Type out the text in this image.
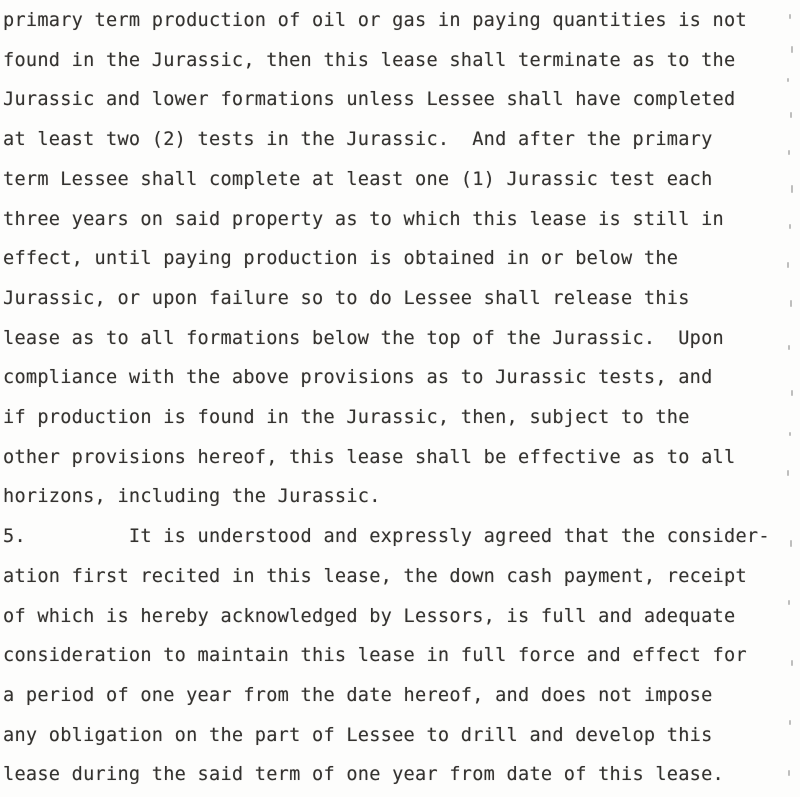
primary term production of oil or gas in paying quantities is not
found in the Jurassic, then this lease shall terminate as to the
Jurassic and lower formations unless Lessee shall have completed
at least two (2) tests in the Jurassic.  And after the primary
term Lessee shall complete at least one (1) Jurassic test each
three years on said property as to which this lease is still in
effect, until paying production is obtained in or below the
Jurassic, or upon failure so to do Lessee shall release this
lease as to all formations below the top of the Jurassic.  Upon
compliance with the above provisions as to Jurassic tests, and
if production is found in the Jurassic, then, subject to the
other provisions hereof, this lease shall be effective as to all
horizons, including the Jurassic.
5.         It is understood and expressly agreed that the consider-
ation first recited in this lease, the down cash payment, receipt
of which is hereby acknowledged by Lessors, is full and adequate
consideration to maintain this lease in full force and effect for
a period of one year from the date hereof, and does not impose
any obligation on the part of Lessee to drill and develop this
lease during the said term of one year from date of this lease.
